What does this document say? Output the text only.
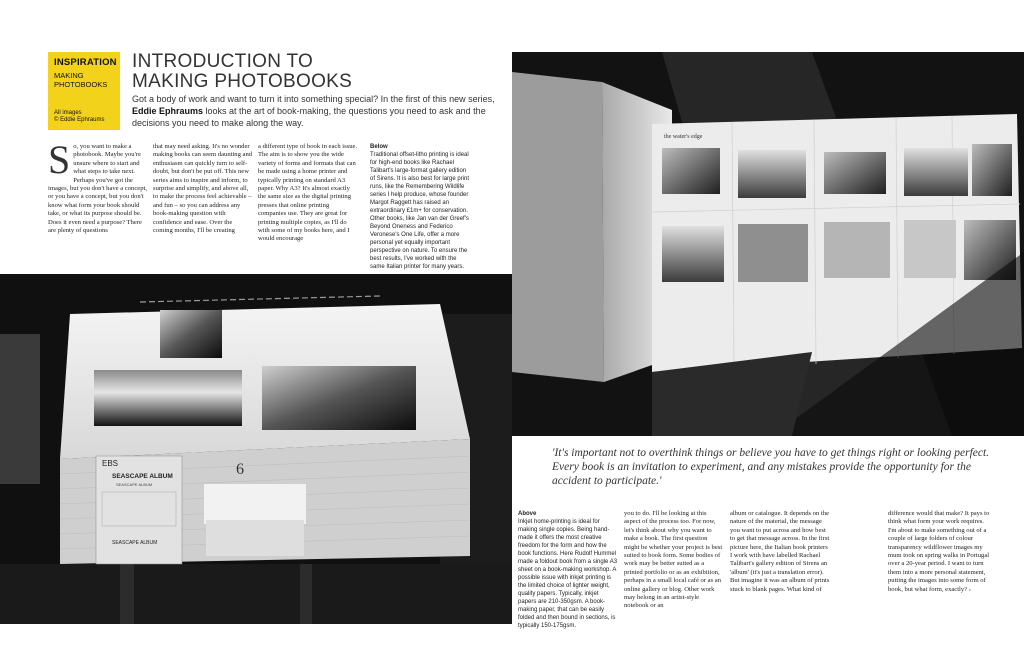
INSPIRATION
MAKING PHOTOBOOKS
All images
© Eddie Ephraums
INTRODUCTION TO
MAKING PHOTOBOOKS

Got a body of work and want to turn it into something special? In the first of this new series, Eddie Ephraums looks at the art of book-making, the questions you need to ask and the decisions you need to make along the way.

So, you want to make a photobook. Maybe you're unsure where to start and what steps to take next. Perhaps you've got the images, but you don't have a concept, or you have a concept, but you don't know what form your book should take, or what its purpose should be. Does it even need a purpose? There are plenty of questions
that may need asking. It's no wonder making books can seem daunting and enthusiasm can quickly turn to self-doubt, but don't be put off. This new series aims to inspire and inform, to surprise and simplify, and above all, to make the process feel achievable – and fun – so you can address any book-making question with confidence and ease. Over the coming months, I'll be creating
a different type of book in each issue. The aim is to show you the wide variety of forms and formats that can be made using a home printer and typically printing on standard A3 paper. Why A3? It's almost exactly the same size as the digital printing presses that online printing companies use. They are great for printing multiple copies, as I'll do with some of my books here, and I would encourage
Below
Traditional offset-litho printing is ideal for high-end books like Rachael Talibart's large-format gallery edition of Sirens. It is also best for large print runs, like the Remembering Wildlife series I help produce, whose founder Margot Raggett has raised an extraordinary £1m+ for conservation. Other books, like Jan van der Greef's Beyond Oneness and Federico Veronese's One Life, offer a more personal yet equally important perspective on nature. To ensure the best results, I've worked with the same Italian printer for many years.
EBS
SEASCAPE ALBUM
SEASCAPE ALBUM
SEASCAPE ALBUM
6
the water's edge
'It's important not to overthink things or believe you have to get things right or looking perfect. Every book is an invitation to experiment, and any mistakes provide the opportunity for the accident to participate.'
Above
Inkjet home-printing is ideal for making single copies. Being hand-made it offers the most creative freedom for the form and how the book functions. Here Rudolf Hummel made a foldout book from a single A3 sheet on a book-making workshop. A possible issue with inkjet printing is the limited choice of lighter weight, quality papers. Typically, inkjet papers are 210-350gsm. A book-making paper, that can be easily folded and then bound in sections, is typically 150-175gsm.
you to do. I'll be looking at this aspect of the process too. For now, let's think about why you want to make a book. The first question might be whether your project is best suited to book form. Some bodies of work may be better suited as a printed portfolio or as an exhibition, perhaps in a small local café or as an online gallery or blog. Other work may belong in an artist-style notebook or an
album or catalogue. It depends on the nature of the material, the message you want to put across and how best to get that message across. In the first picture here, the Italian book printers I work with have labelled Rachael Talibart's gallery edition of Sirens an 'album' (it's just a translation error). But imagine it was an album of prints stuck to blank pages. What kind of
difference would that make? It pays to think what form your work requires. I'm about to make something out of a couple of large folders of colour transparency wildflower images my mum took on spring walks in Portugal over a 20-year period. I want to turn them into a more personal statement, putting the images into some form of book, but what form, exactly? ›
